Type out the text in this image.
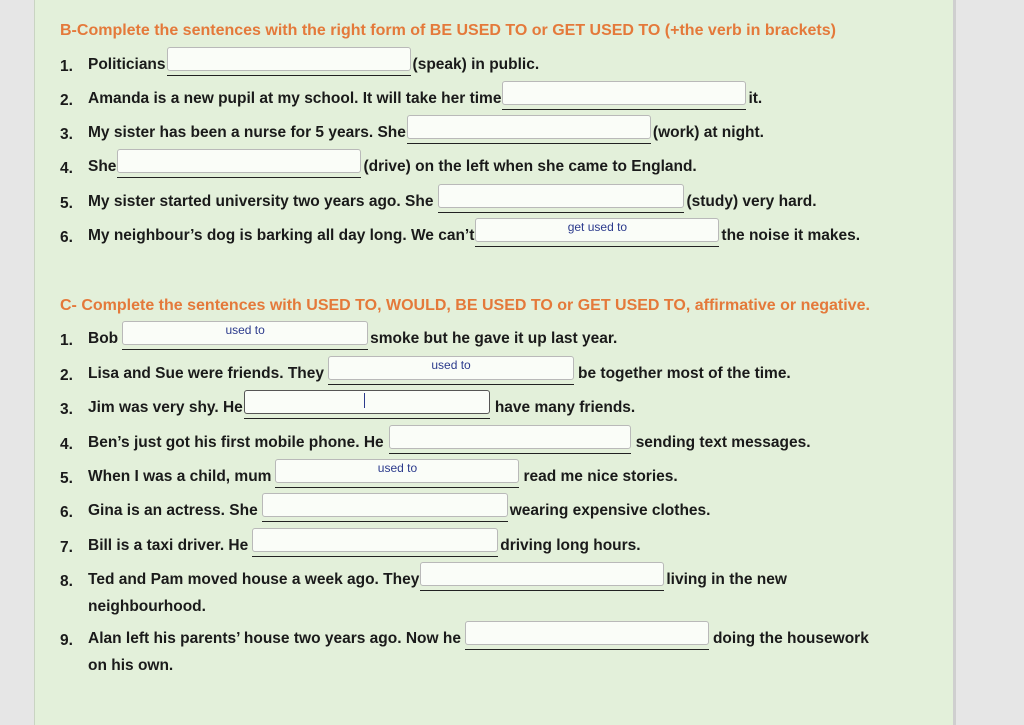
B-Complete the sentences with the right form of BE USED TO or GET USED TO (+the verb in brackets)
1. Politicians	(speak) in public.
2. Amanda is a new pupil at my school. It will take her time	it.
3. My sister has been a nurse for 5 years. She	(work) at night.
4. She	(drive) on the left when she came to England.
5. My sister started university two years ago. She	(study) very hard.
6. My neighbour’s dog is barking all day long. We can’t	get used to	the noise it makes.
C- Complete the sentences with USED TO, WOULD, BE USED TO or GET USED TO, affirmative or negative.
1. Bob	used to	smoke but he gave it up last year.
2. Lisa and Sue were friends. They	used to	be together most of the time.
3. Jim was very shy. He	have many friends.
4. Ben’s just got his first mobile phone. He	sending text messages.
5. When I was a child, mum	used to	read me nice stories.
6. Gina is an actress. She	wearing expensive clothes.
7. Bill is a taxi driver. He	driving long hours.
8. Ted and Pam moved house a week ago. They	living in the new
neighbourhood.
9. Alan left his parents’ house two years ago. Now he	doing the housework
on his own.
